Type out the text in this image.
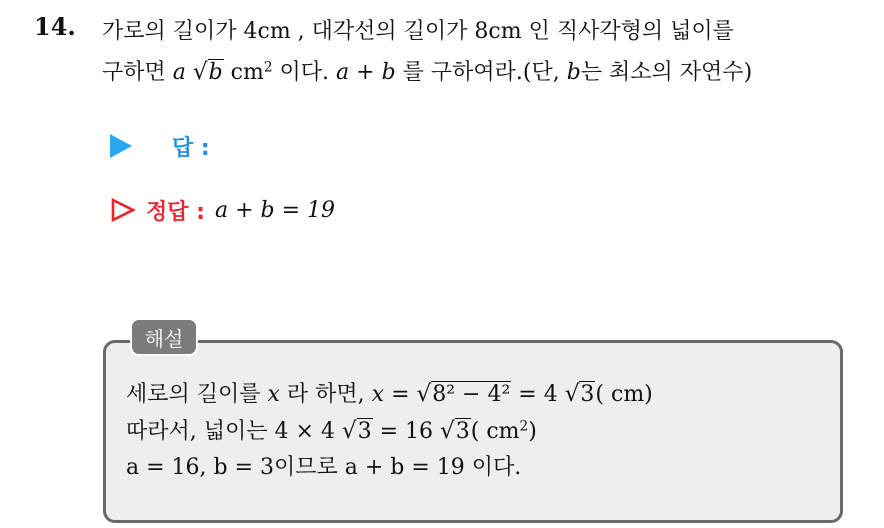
14. 가로의 길이가 4cm , 대각선의 길이가 8cm 인 직사각형의 넓이를
구하면 a √b $cm^2$ 이다. a + b 를 구하여라.(단, b는 최소의 자연수)
답 :
정답 : a + b = 19
해설
세로의 길이를 x 라 하면, x = √8² − 4² = 4 √3( cm)
따라서, 넓이는 4 × 4 √3 = 16 √3( $cm^2$)
a = 16, b = 3이므로 a + b = 19 이다.
